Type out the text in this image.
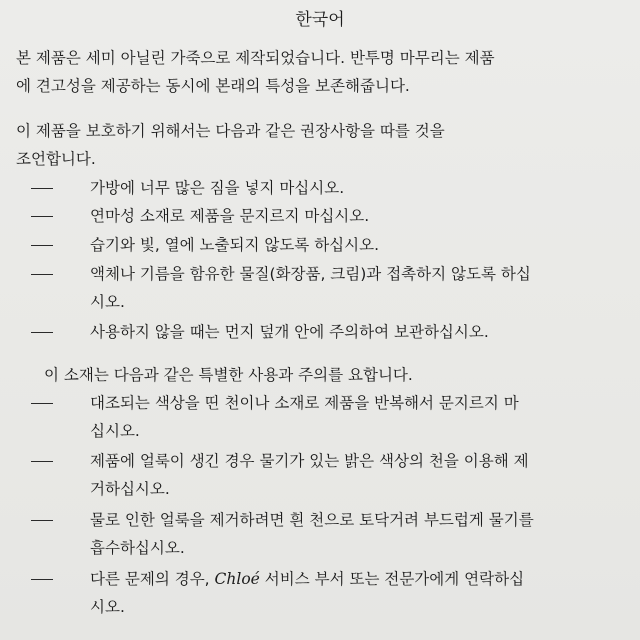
한국어
본 제품은 세미 아닐린 가죽으로 제작되었습니다. 반투명 마무리는 제품
에 견고성을 제공하는 동시에 본래의 특성을 보존해줍니다.
이 제품을 보호하기 위해서는 다음과 같은 권장사항을 따를 것을
조언합니다.
가방에 너무 많은 짐을 넣지 마십시오.
연마성 소재로 제품을 문지르지 마십시오.
습기와 빛, 열에 노출되지 않도록 하십시오.
액체나 기름을 함유한 물질(화장품, 크림)과 접촉하지 않도록 하십
시오.
사용하지 않을 때는 먼지 덮개 안에 주의하여 보관하십시오.
이 소재는 다음과 같은 특별한 사용과 주의를 요합니다.
대조되는 색상을 띤 천이나 소재로 제품을 반복해서 문지르지 마
십시오.
제품에 얼룩이 생긴 경우 물기가 있는 밝은 색상의 천을 이용해 제
거하십시오.
물로 인한 얼룩을 제거하려면 흰 천으로 토닥거려 부드럽게 물기를
흡수하십시오.
다른 문제의 경우, Chloé 서비스 부서 또는 전문가에게 연락하십
시오.
